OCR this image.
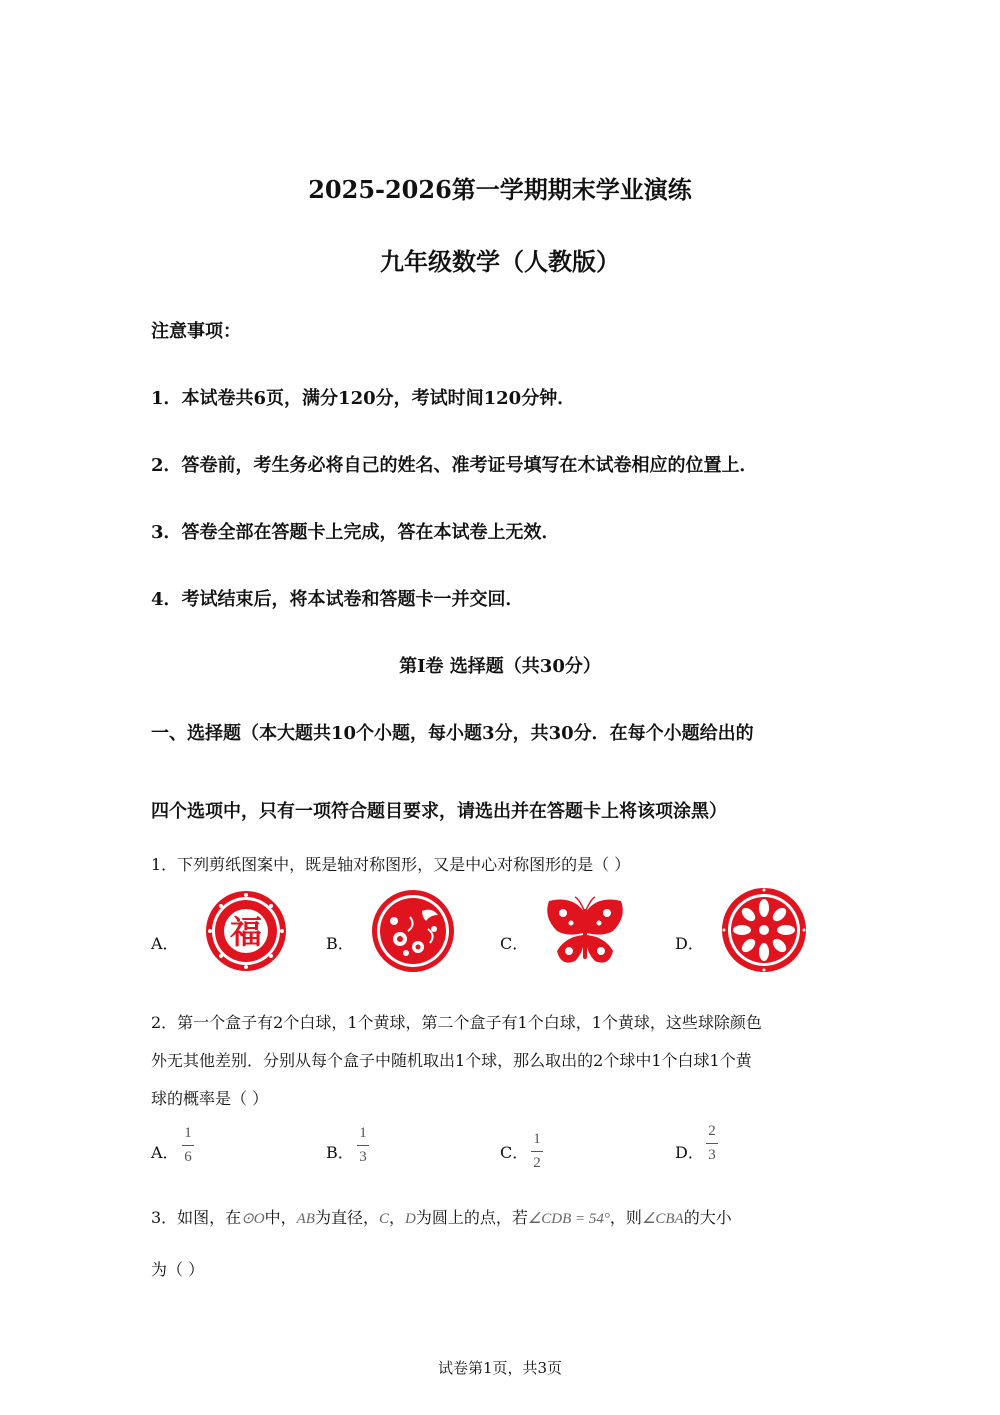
2025-2026第一学期期末学业演练
九年级数学（人教版）
注意事项：
1．本试卷共6页，满分120分，考试时间120分钟．
2．答卷前，考生务必将自己的姓名、准考证号填写在木试卷相应的位置上．
3．答卷全部在答题卡上完成，答在本试卷上无效．
4．考试结束后，将本试卷和答题卡一并交回．
第Ⅰ卷 选择题（共30分）
一、选择题（本大题共10个小题，每小题3分，共30分．在每个小题给出的
四个选项中，只有一项符合题目要求，请选出并在答题卡上将该项涂黑）
1．下列剪纸图案中，既是轴对称图形，又是中心对称图形的是（ ）
A．	B．	C．	D．
福
2．第一个盒子有2个白球，1个黄球，第二个盒子有1个白球，1个黄球，这些球除颜色
外无其他差别．分别从每个盒子中随机取出1个球，那么取出的2个球中1个白球1个黄
球的概率是（ ）
A．
1
6	B．
1
3	C．
1
2
D．
2
3
3．如图，在⊙O中，AB为直径，C，D为圆上的点，若∠CDB = 54°，则∠CBA的大小
为（ ）
试卷第1页，共3页
